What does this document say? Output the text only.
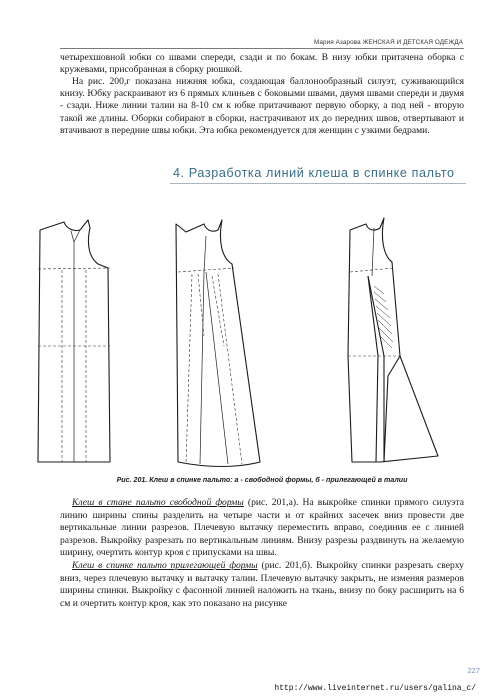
Мария Азарова ЖЕНСКАЯ И ДЕТСКАЯ ОДЕЖДА

четырехшовной юбки со швами спереди, сзади и по бокам. В низу юбки притачена оборка с кружевами, присобранная в сборку рюшкой.

На рис. 200,г показана нижняя юбка, создающая баллонообразный силуэт, суживающийся книзу. Юбку раскраивают из 6 прямых клиньев с боковыми швами, двумя швами спереди и двумя - сзади. Ниже линии талии на 8-10 см к юбке притачивают первую оборку, а под ней - вторую такой же длины. Оборки собирают в сборки, настрачивают их до передних швов, отвертывают и втачивают в передние швы юбки. Эта юбка рекомендуется для женщин с узкими бедрами.

4. Разработка линий клеша в спинке пальто

Рис. 201. Клеш в спинке пальто: а - свободной формы, б - прилегающей в талии

Клеш в стане пальто свободной формы (рис. 201,а). На выкройке спинки прямого силуэта линию ширины спины разделить на четыре части и от крайних засечек вниз провести две вертикальные линии разрезов. Плечевую вытачку переместить вправо, соединив ее с линией разрезов. Выкройку разрезать по вертикальным линиям. Внизу разрезы раздвинуть на желаемую ширину, очертить контур кроя с припусками на швы.

Клеш в спинке пальто прилегающей формы (рис. 201,б). Выкройку спинки разрезать сверху вниз, через плечевую вытачку и вытачку талии. Плечевую вытачку закрыть, не изменяя размеров ширины спинки. Выкройку с фасонной линией наложить на ткань, внизу по боку расширить на 6 см и очертить контур кроя, как это показано на рисунке

227
http://www.liveinternet.ru/users/galina_c/
